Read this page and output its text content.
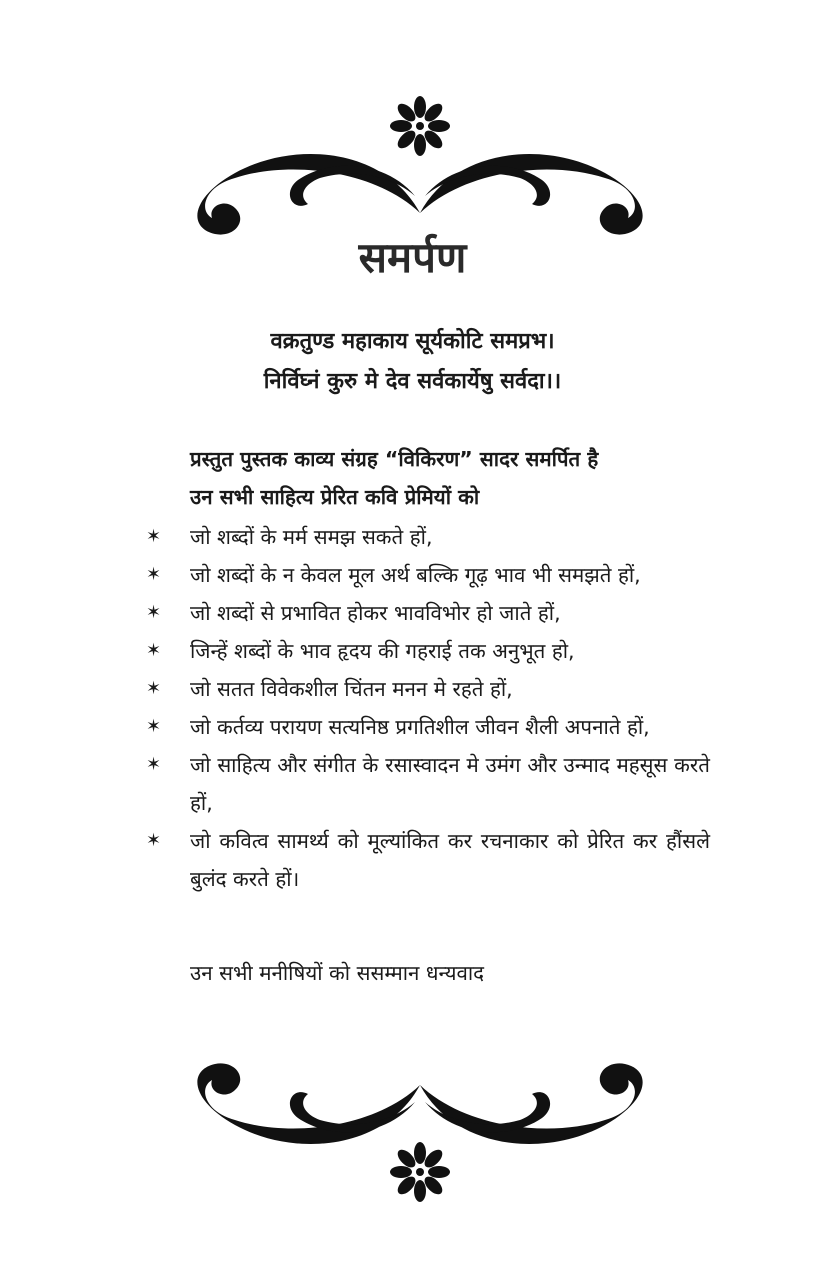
समर्पण
वक्रतुण्ड महाकाय सूर्यकोटि समप्रभ।
निर्विघ्नं कुरु मे देव सर्वकार्येषु सर्वदा।।
प्रस्तुत पुस्तक काव्य संग्रह “विकिरण” सादर समर्पित है
उन सभी साहित्य प्रेरित कवि प्रेमियों को
✶ जो शब्दों के मर्म समझ सकते हों,
✶ जो शब्दों के न केवल मूल अर्थ बल्कि गूढ़ भाव भी समझते हों,
✶ जो शब्दों से प्रभावित होकर भावविभोर हो जाते हों,
✶ जिन्हें शब्दों के भाव हृदय की गहराई तक अनुभूत हो,
✶ जो सतत विवेकशील चिंतन मनन मे रहते हों,
✶ जो कर्तव्य परायण सत्यनिष्ठ प्रगतिशील जीवन शैली अपनाते हों,
✶ जो साहित्य और संगीत के रसास्वादन मे उमंग और उन्माद महसूस करते हों,
✶ जो कवित्व सामर्थ्य को मूल्यांकित कर रचनाकार को प्रेरित कर हौंसले बुलंद करते हों।
उन सभी मनीषियों को ससम्मान धन्यवाद
